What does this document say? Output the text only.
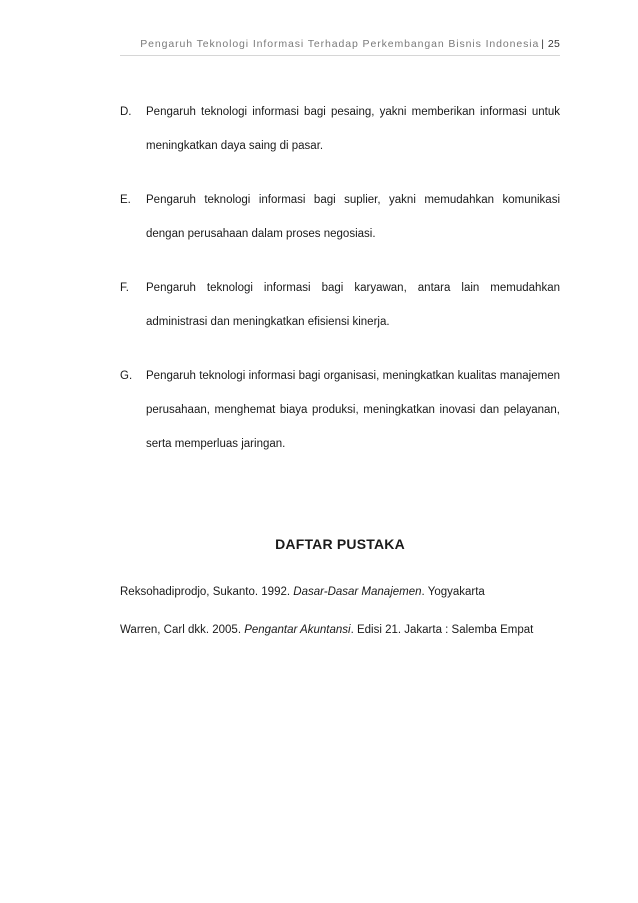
Pengaruh Teknologi Informasi Terhadap Perkembangan Bisnis Indonesia | 25
D.	Pengaruh teknologi informasi bagi pesaing, yakni memberikan informasi untuk meningkatkan daya saing di pasar.
E.	Pengaruh teknologi informasi bagi suplier, yakni memudahkan komunikasi dengan perusahaan dalam proses negosiasi.
F.	Pengaruh teknologi informasi bagi karyawan, antara lain memudahkan administrasi dan meningkatkan efisiensi kinerja.
G.	Pengaruh teknologi informasi bagi organisasi, meningkatkan kualitas manajemen perusahaan, menghemat biaya produksi, meningkatkan inovasi dan pelayanan, serta memperluas jaringan.
DAFTAR PUSTAKA
Reksohadiprodjo, Sukanto. 1992. Dasar-Dasar Manajemen. Yogyakarta
Warren, Carl dkk. 2005. Pengantar Akuntansi. Edisi 21. Jakarta : Salemba Empat
